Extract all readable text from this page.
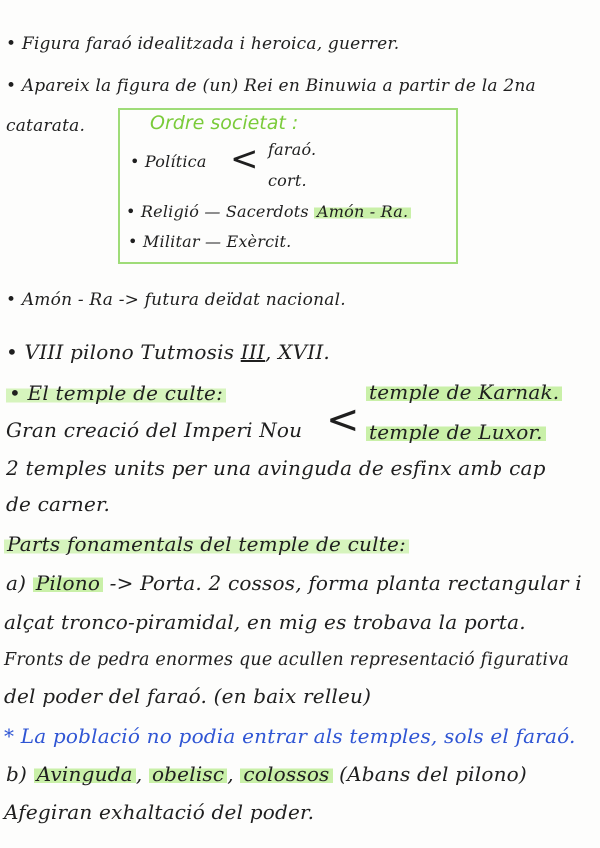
• Figura faraó idealitzada i heroica, guerrer.
• Apareix la figura de (un) Rei en Binuwia a partir de la 2na
catarata.	Ordre societat :
• Política < faraó.
cort.
• Religió — Sacerdots Amón - Ra.
• Militar — Exèrcit.
• Amón - Ra -> futura deïdat nacional.
• VIII pilono Tutmosis III, XVII.
• El temple de culte:
Gran creació del Imperi Nou <
temple de Karnak.
temple de Luxor.
2 temples units per una avinguda de esfinx amb cap
de carner.
Parts fonamentals del temple de culte:
a) Pilono -> Porta. 2 cossos, forma planta rectangular i
alçat tronco-piramidal, en mig es trobava la porta.
Fronts de pedra enormes que acullen representació figurativa
del poder del faraó. (en baix relleu)
* La població no podia entrar als temples, sols el faraó.
b) Avinguda , obelisc , colossos (Abans del pilono)
Afegiran exhaltació del poder.
